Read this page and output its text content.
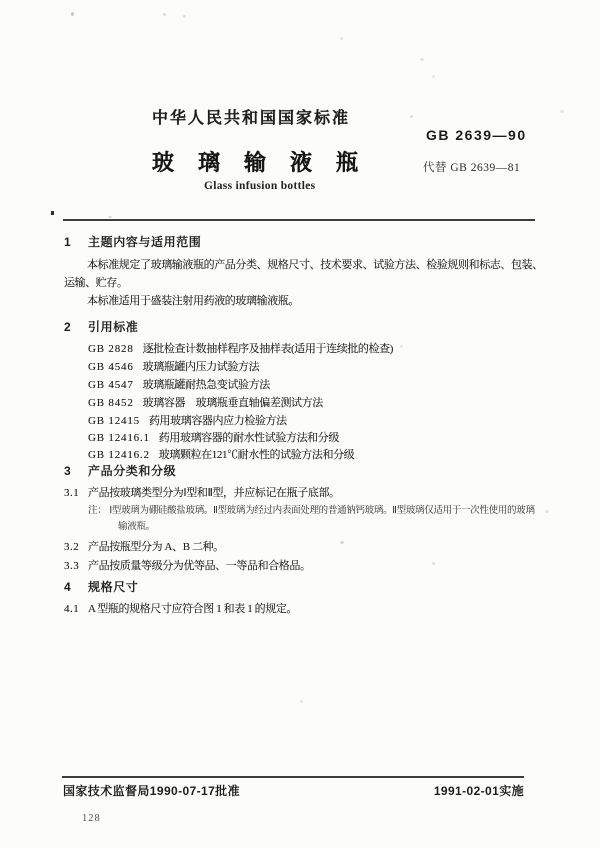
中华人民共和国国家标准
GB 2639—90
玻璃输液瓶	代替 GB 2639—81
Glass infusion bottles
1 主题内容与适用范围
本标准规定了玻璃输液瓶的产品分类、规格尺寸、技术要求、试验方法、检验规则和标志、包装、运输、贮存。
本标准适用于盛装注射用药液的玻璃输液瓶。
2 引用标准
GB 2828 逐批检查计数抽样程序及抽样表(适用于连续批的检查)
GB 4546 玻璃瓶罐内压力试验方法
GB 4547 玻璃瓶罐耐热急变试验方法
GB 8452 玻璃容器　玻璃瓶垂直轴偏差测试方法
GB 12415 药用玻璃容器内应力检验方法
GB 12416.1 药用玻璃容器的耐水性试验方法和分级
GB 12416.2 玻璃颗粒在121℃耐水性的试验方法和分级
3 产品分类和分级
3.1 产品按玻璃类型分为Ⅰ型和Ⅱ型，并应标记在瓶子底部。
注： Ⅰ型玻璃为硼硅酸盐玻璃。Ⅱ型玻璃为经过内表面处理的普通钠钙玻璃。Ⅱ型玻璃仅适用于一次性使用的玻璃
输液瓶。
3.2 产品按瓶型分为 A、B 二种。
3.3 产品按质量等级分为优等品、一等品和合格品。
4 规格尺寸
4.1 A 型瓶的规格尺寸应符合图 1 和表 1 的规定。
国家技术监督局1990-07-17批准	1991-02-01实施
128
